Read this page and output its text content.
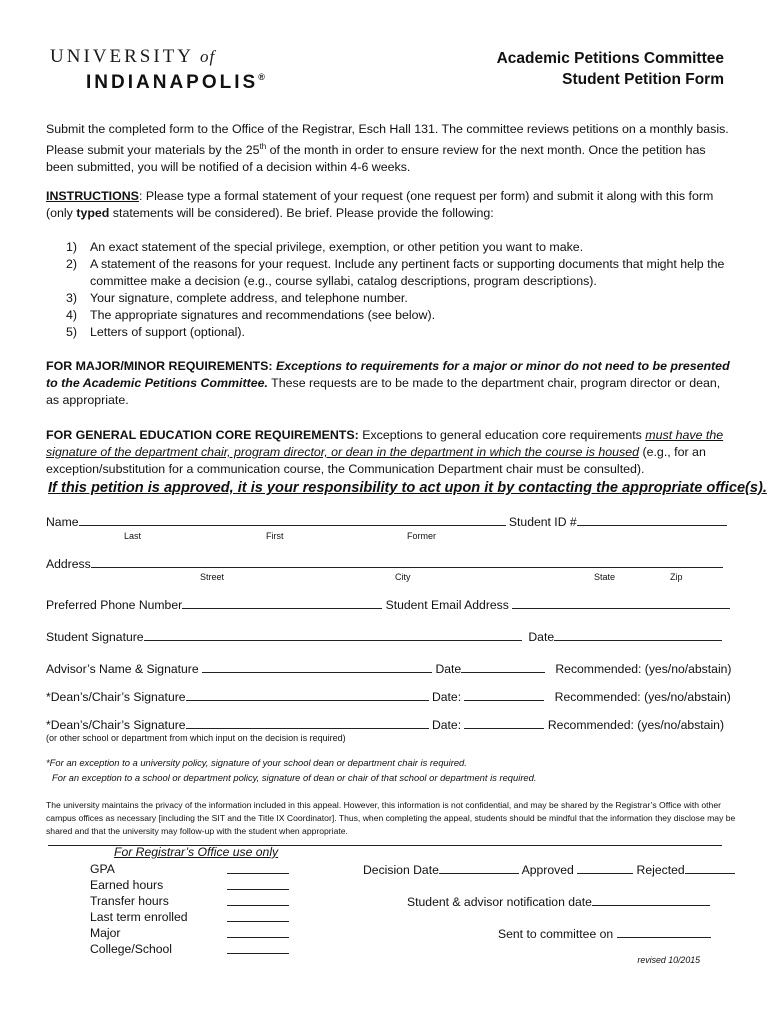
UNIVERSITY of
INDIANAPOLIS®
Academic Petitions Committee
Student Petition Form
Submit the completed form to the Office of the Registrar, Esch Hall 131. The committee reviews petitions on a monthly basis. Please submit your materials by the 25th of the month in order to ensure review for the next month. Once the petition has been submitted, you will be notified of a decision within 4-6 weeks.
INSTRUCTIONS: Please type a formal statement of your request (one request per form) and submit it along with this form (only typed statements will be considered). Be brief. Please provide the following:
1) An exact statement of the special privilege, exemption, or other petition you want to make.
2) A statement of the reasons for your request. Include any pertinent facts or supporting documents that might help the committee make a decision (e.g., course syllabi, catalog descriptions, program descriptions).
3) Your signature, complete address, and telephone number.
4) The appropriate signatures and recommendations (see below).
5) Letters of support (optional).
FOR MAJOR/MINOR REQUIREMENTS: Exceptions to requirements for a major or minor do not need to be presented to the Academic Petitions Committee. These requests are to be made to the department chair, program director or dean, as appropriate.
FOR GENERAL EDUCATION CORE REQUIREMENTS: Exceptions to general education core requirements must have the signature of the department chair, program director, or dean in the department in which the course is housed (e.g., for an exception/substitution for a communication course, the Communication Department chair must be consulted).
If this petition is approved, it is your responsibility to act upon it by contacting the appropriate office(s).
Name	Student ID #
Last	First	Former
Address
Street	City	State	Zip
Preferred Phone Number	Student Email Address
Student Signature	Date
Advisor’s Name & Signature	Date	Recommended: (yes/no/abstain)
*Dean’s/Chair’s Signature	Date:	Recommended: (yes/no/abstain)
*Dean’s/Chair’s Signature	Date:	Recommended: (yes/no/abstain)
(or other school or department from which input on the decision is required)
*For an exception to a university policy, signature of your school dean or department chair is required.
For an exception to a school or department policy, signature of dean or chair of that school or department is required.
The university maintains the privacy of the information included in this appeal. However, this information is not confidential, and may be shared by the Registrar’s Office with other campus offices as necessary [including the SIT and the Title IX Coordinator]. Thus, when completing the appeal, students should be mindful that the information they disclose may be shared and that the university may follow-up with the student when appropriate.
For Registrar’s Office use only
GPA
Earned hours
Transfer hours
Last term enrolled
Major
College/School
Decision Date	Approved	Rejected
Student & advisor notification date
Sent to committee on
revised 10/2015
